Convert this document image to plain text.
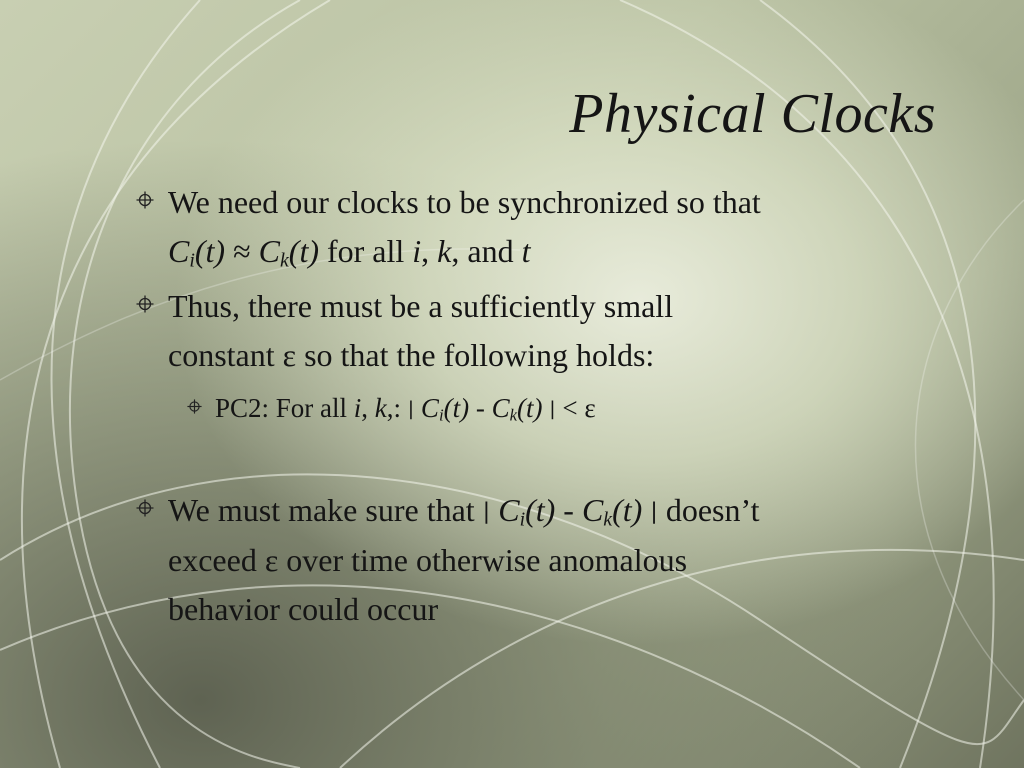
Physical Clocks
We need our clocks to be synchronized so that
$C_i(t) \approx C_k(t)$ for all i, k, and t
Thus, there must be a sufficiently small
constant ε so that the following holds:
PC2: For all i, k,: | $C_i(t) - C_k(t)$ | < ε
We must make sure that | $C_i(t) - C_k(t)$ | doesn’t
exceed ε over time otherwise anomalous
behavior could occur
